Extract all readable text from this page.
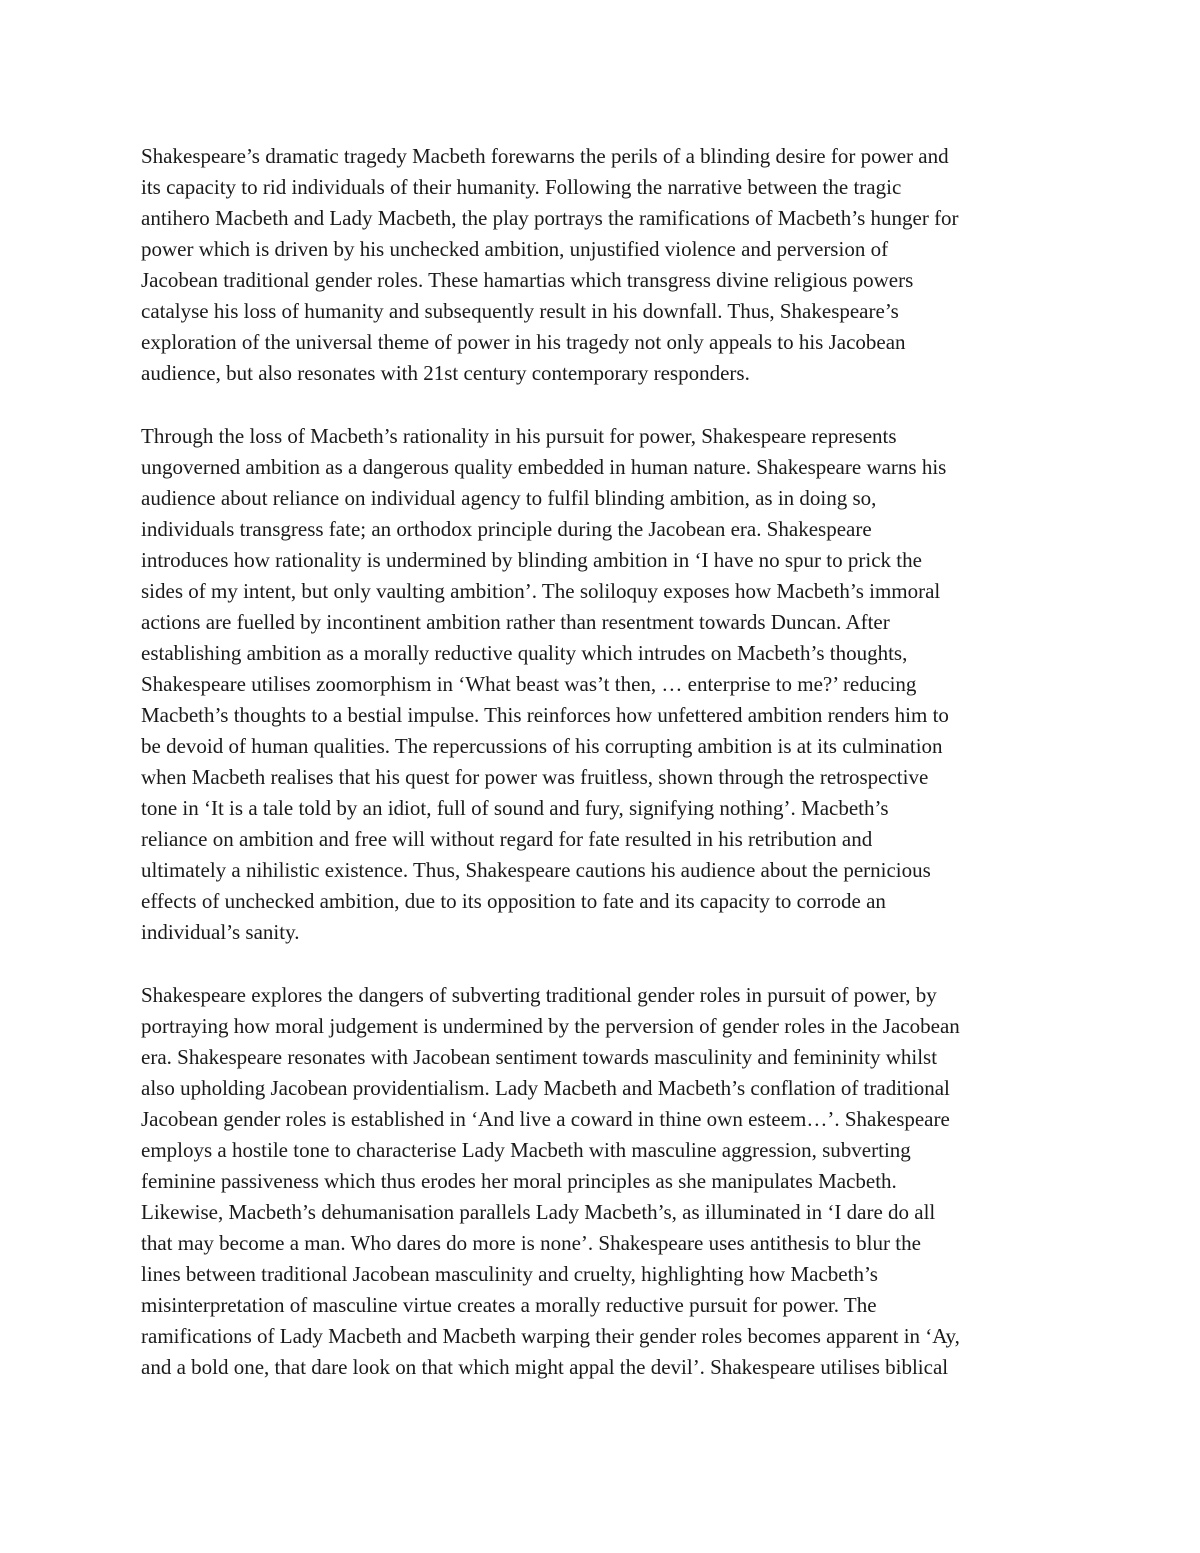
Shakespeare’s dramatic tragedy Macbeth forewarns the perils of a blinding desire for power and
its capacity to rid individuals of their humanity. Following the narrative between the tragic
antihero Macbeth and Lady Macbeth, the play portrays the ramifications of Macbeth’s hunger for
power which is driven by his unchecked ambition, unjustified violence and perversion of
Jacobean traditional gender roles. These hamartias which transgress divine religious powers
catalyse his loss of humanity and subsequently result in his downfall. Thus, Shakespeare’s
exploration of the universal theme of power in his tragedy not only appeals to his Jacobean
audience, but also resonates with 21st century contemporary responders.

Through the loss of Macbeth’s rationality in his pursuit for power, Shakespeare represents
ungoverned ambition as a dangerous quality embedded in human nature. Shakespeare warns his
audience about reliance on individual agency to fulfil blinding ambition, as in doing so,
individuals transgress fate; an orthodox principle during the Jacobean era. Shakespeare
introduces how rationality is undermined by blinding ambition in ‘I have no spur to prick the
sides of my intent, but only vaulting ambition’. The soliloquy exposes how Macbeth’s immoral
actions are fuelled by incontinent ambition rather than resentment towards Duncan. After
establishing ambition as a morally reductive quality which intrudes on Macbeth’s thoughts,
Shakespeare utilises zoomorphism in ‘What beast was’t then, … enterprise to me?’ reducing
Macbeth’s thoughts to a bestial impulse. This reinforces how unfettered ambition renders him to
be devoid of human qualities. The repercussions of his corrupting ambition is at its culmination
when Macbeth realises that his quest for power was fruitless, shown through the retrospective
tone in ‘It is a tale told by an idiot, full of sound and fury, signifying nothing’. Macbeth’s
reliance on ambition and free will without regard for fate resulted in his retribution and
ultimately a nihilistic existence. Thus, Shakespeare cautions his audience about the pernicious
effects of unchecked ambition, due to its opposition to fate and its capacity to corrode an
individual’s sanity.

Shakespeare explores the dangers of subverting traditional gender roles in pursuit of power, by
portraying how moral judgement is undermined by the perversion of gender roles in the Jacobean
era. Shakespeare resonates with Jacobean sentiment towards masculinity and femininity whilst
also upholding Jacobean providentialism. Lady Macbeth and Macbeth’s conflation of traditional
Jacobean gender roles is established in ‘And live a coward in thine own esteem…’. Shakespeare
employs a hostile tone to characterise Lady Macbeth with masculine aggression, subverting
feminine passiveness which thus erodes her moral principles as she manipulates Macbeth.
Likewise, Macbeth’s dehumanisation parallels Lady Macbeth’s, as illuminated in ‘I dare do all
that may become a man. Who dares do more is none’. Shakespeare uses antithesis to blur the
lines between traditional Jacobean masculinity and cruelty, highlighting how Macbeth’s
misinterpretation of masculine virtue creates a morally reductive pursuit for power. The
ramifications of Lady Macbeth and Macbeth warping their gender roles becomes apparent in ‘Ay,
and a bold one, that dare look on that which might appal the devil’. Shakespeare utilises biblical
